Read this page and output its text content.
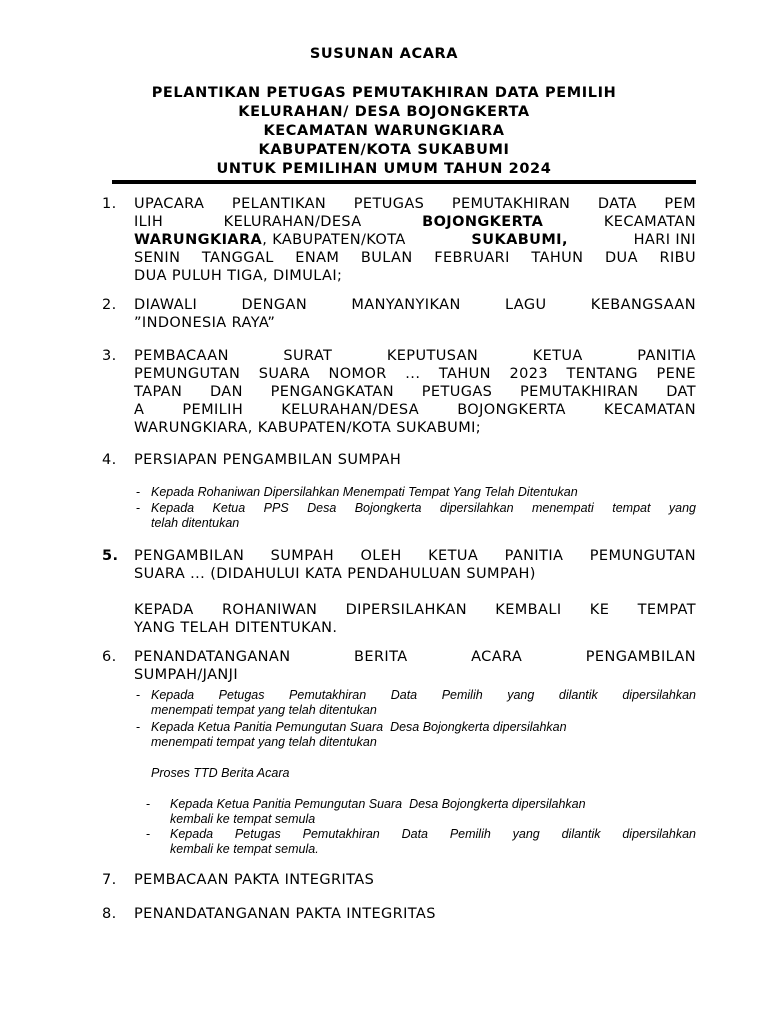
SUSUNAN ACARA
PELANTIKAN PETUGAS PEMUTAKHIRAN DATA PEMILIH
KELURAHAN/ DESA BOJONGKERTA
KECAMATAN WARUNGKIARA
KABUPATEN/KOTA SUKABUMI
UNTUK PEMILIHAN UMUM TAHUN 2024
1. UPACARA PELANTIKAN PETUGAS PEMUTAKHIRAN DATA PEM
ILIH	KELURAHAN/DESA	BOJONGKERTA	KECAMATAN
WARUNGKIARA, KABUPATEN/KOTA	SUKABUMI,	HARI INI
SENIN TANGGAL ENAM BULAN FEBRUARI TAHUN DUA RIBU
DUA PULUH TIGA, DIMULAI;
2. DIAWALI DENGAN MANYANYIKAN LAGU KEBANGSAAN
”INDONESIA RAYA”
3. PEMBACAAN SURAT KEPUTUSAN KETUA PANITIA
PEMUNGUTAN SUARA NOMOR ... TAHUN 2023 TENTANG PENE
TAPAN DAN PENGANGKATAN PETUGAS PEMUTAKHIRAN DAT
A PEMILIH KELURAHAN/DESA BOJONGKERTA KECAMATAN
WARUNGKIARA, KABUPATEN/KOTA SUKABUMI;
4. PERSIAPAN PENGAMBILAN SUMPAH
- Kepada Rohaniwan Dipersilahkan Menempati Tempat Yang Telah Ditentukan
- Kepada Ketua PPS Desa Bojongkerta dipersilahkan menempati tempat yang
telah ditentukan
5. PENGAMBILAN SUMPAH OLEH KETUA PANITIA PEMUNGUTAN
SUARA ... (DIDAHULUI KATA PENDAHULUAN SUMPAH)
KEPADA ROHANIWAN DIPERSILAHKAN KEMBALI KE TEMPAT
YANG TELAH DITENTUKAN.
6. PENANDATANGANAN BERITA ACARA PENGAMBILAN
SUMPAH/JANJI
- Kepada Petugas Pemutakhiran Data Pemilih yang dilantik dipersilahkan
menempati tempat yang telah ditentukan
- Kepada Ketua Panitia Pemungutan Suara  Desa Bojongkerta dipersilahkan
menempati tempat yang telah ditentukan
Proses TTD Berita Acara
- Kepada Ketua Panitia Pemungutan Suara  Desa Bojongkerta dipersilahkan
kembali ke tempat semula
- Kepada Petugas Pemutakhiran Data Pemilih yang dilantik dipersilahkan
kembali ke tempat semula.
7. PEMBACAAN PAKTA INTEGRITAS
8. PENANDATANGANAN PAKTA INTEGRITAS
